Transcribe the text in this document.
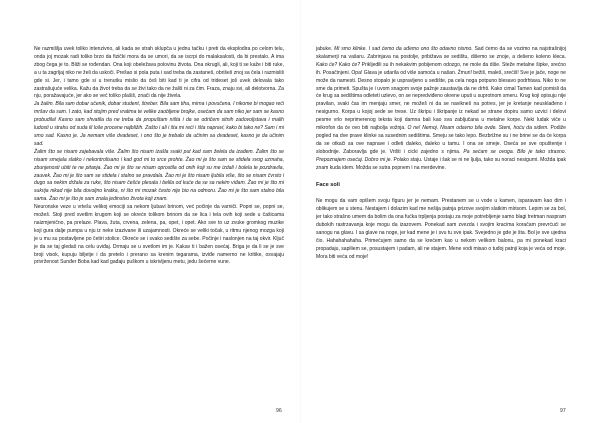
Ne razmišlja uvek toliko intenzivno, ali kada se strah sklupča u jednu tačku i preti da eksplodira po celom telu, onda joj mozak radi toliko brzo da fizički mora da se umori, da se iscrpi do malaksalosti, da bi prestalo. A ima zbog čega je to. Bliži se rođendan. Ona koji obeležava polovinu života. Ona okrugli, ali, koji ti se kaže i biti ruke, a u ta zagrljaj niko ne želi da uskoči. Prešao si pola puta i sad treba da zastaneš, obrišeš znoj sa čela i razmisliš gde si. Jer, i tamo gde si u trenutku mislio da ćeš biti kad ti je cifra od trideset još uvek delovala tako zastrašujuće velika. Kažu da život treba da se živi tako da ne žališ ni za čim. Fraza, znaju svi, ali delotvorna. Za nju, poražavajuće, jer ako se već toliko plašiš, znači da nije živela.

Ja žalim. Bila sam dobar učenik, dobar student, štreber. Bila sam tiha, mirna i povučena. I nikome bi mogao reći mršav da sam. I zato, kad stojim pred vratima te velike zaobljene brojke, osećam da sam niko jer sam se kasno probudila! Kasno sam shvatila da ne treba da propuštam ništa i da se odričem sitnih zadovoljstava i malih ludosti u strahu od suda ili loše procene najbližih. Zašto i ali i šta mi reći i išta napravi, kako bi tako ne? Sam i mi smo sad. Kasno je. Ja nemam više dvadeset, i ono što je trebalo da učinim sa dvadeset, kasno je da učinim sad.

Žalim što se nisam zajebavala više. Žalim što nisam izašla svaki put kad sam želela da izađem. Žalim što se nisam smejala slatko i nekontrolisano i kad god mi to srce prohte. Žao mi je što sam se stidela svog uzmaha, zbunjenosti ubiti te ne pitanja. Žao mi je što se nisam oprostila od onih koji su me izdali i bolela te pozdravila, zauvek. Žao mi je što sam se stidela i stalno se pravdala. Žao mi je što nisam ljubila više, što se nisam čvrsto i dugo sa nekim držala za ruke, što nisam češće plesala i belila od kuće da se sa nekim viđam. Žao mi je što mi sukrija nikad nije bila dovoljno kratka, ni što mi mozak često nije bio na odmoru. Žao mi je što sam stalno bila sama. Žao mi je što je sam znala jedinstvo života koji znam.

Neuronske veze u vrtešu velikoj emociji sa nekom ljubavi brinom, već počinje da varniči. Popni se, popni se, možeš. Stoji pred svetlim krugom koji se okreće tolikom brinom da se lica i tela ovih koji sede u čašicama naizmjenično, pa prelaze. Plava, žuta, crvena, zelena, pa, opet, i opet. Ako sve to uz zvuke gromkog muzike koji gura dalje pumpa u nju iz neke izazivane ili uzajamnosti. Okreće se veliki točak, u ritmu njenog mozga koji je u mu su postavljene po četiri stolice. Okreće se i svako sedište za sebe. Počinje i naslonjen na taj okvir. Ključ je da se taj gledaš na celu uviđaj. Drmaju se u svetlom im je. Kakav ti i bažen osećaj. Briga je da li se je sve broji visok, kupuju biljetje i da pretelo i prerano sa krenim tegarama, izviđe namerno ne kritike, osvajaju privrženost Sunđer Boba kad kad gađaju puškom u iskrivljenu metu, jedu šećerne vune.

jabuke. Mi smo klinke. I sad ćemo da uđemo ono što odavno nismo. Sad ćemo da se vozimo na najstrašnijoj skalamerji na vašaru. Zabrinjava na postolje, pribižava se sedištu, dišemo se znoje, a dešeno koleno kleca. Kako će? Kako će? Prikljedili su ih nekakvim pobijenom odozgo, ne mole da diše. Steže metalne šipke, srećno ih. Posačinjeni. Opa! Glava je udarila od više samoća u našan. Žmuri! bežiš, maleš, srećiš! Sve je jače, noge ne može da namesti. Desno stopalo je uspravljeno u sedište, pa cela noga potpuno blesavo podrhtava. Niko to ne sme da primeti. Spušta je i uvom snagom svoje pažnje zaustavlja da ne drhti. Kako cimal Tamen kad pomisli da će krug sa sedištima odleteti uzlevo, on se nepredviđeno okrene uputi u suprotnom smeru. Krug koji opisuju nije pravilan, svaki čas im menjaju smer, ne možeš ni da se naviknеš na potres, jer je kretanje neusklađeno i nesigurno. Korpa u kojoj sede se trese. Uz škripu i škripanje iz nekad se strane dopiru samo uzvici i delovi pesme vrlo neprimerenog teksta koji damna bali kao sva zabljučana u metalne korpe. Neki ludak viče u mikrofon da će ovo biti najbolja vožnja. O ne! Nemoj. Nisam odavno bila ovde. Steni, hoću da siđem. Podiže pogled na dve prave klinke sa susednim sedištima. Smeju se tako lepo. Bezbrižne su i ne brine se da će korpa da se otkači sa ove naprave i odleti daleko, daleko u tamu. I ona se smeje. Oseća se sve opuštenije i slobodnije. Zaboravlja gde je. Vrišti i cicki zajedno s njima. Pa sećam se ovoga. Bilo je tako strasno. Prepoznajem osećaj. Dobro mi je. Polako staju. Ustaje i šak se ni ne ljulja, tako su noraci nesigurni. Možda ipak znam kuda idem. Možda se sutra popnem i na merdevine.

Face soli

Ne mogu da vam opišem svoju figuru jer je nemam. Prestanem se u vode u kamen, isparavam kao dim i oblikujem se u stenu. Nestajem i dolazim kad me nešija patnja prizove svojim slatkim mirisom. Lepim se za bol, jer tako strašno umem da bolim da ona fućka trpljenja postaju za moje potrebljenje samo blagi tretman naspram dubokih rastrzavanja koje mogu da izazovem. Ponekad sam zvezda i svojim kracima koračam prevrćući se sanogu na glavu. I sa glave na noge, jer kad mene je i svu tu sve ipak. Svejedno je gde je šta. Bol je sve ujedna čio. Hahahahahaha. Primećujem samo da se krećem kao u nekom velikom balonu, pa mi ponekad kraci propadaju, sapiliem se, posustajem i padam, ali ne stajem. Mene vodi misao o tuđoj patnji koja je veća od moje. Mora biti veća od moje!

96	97
